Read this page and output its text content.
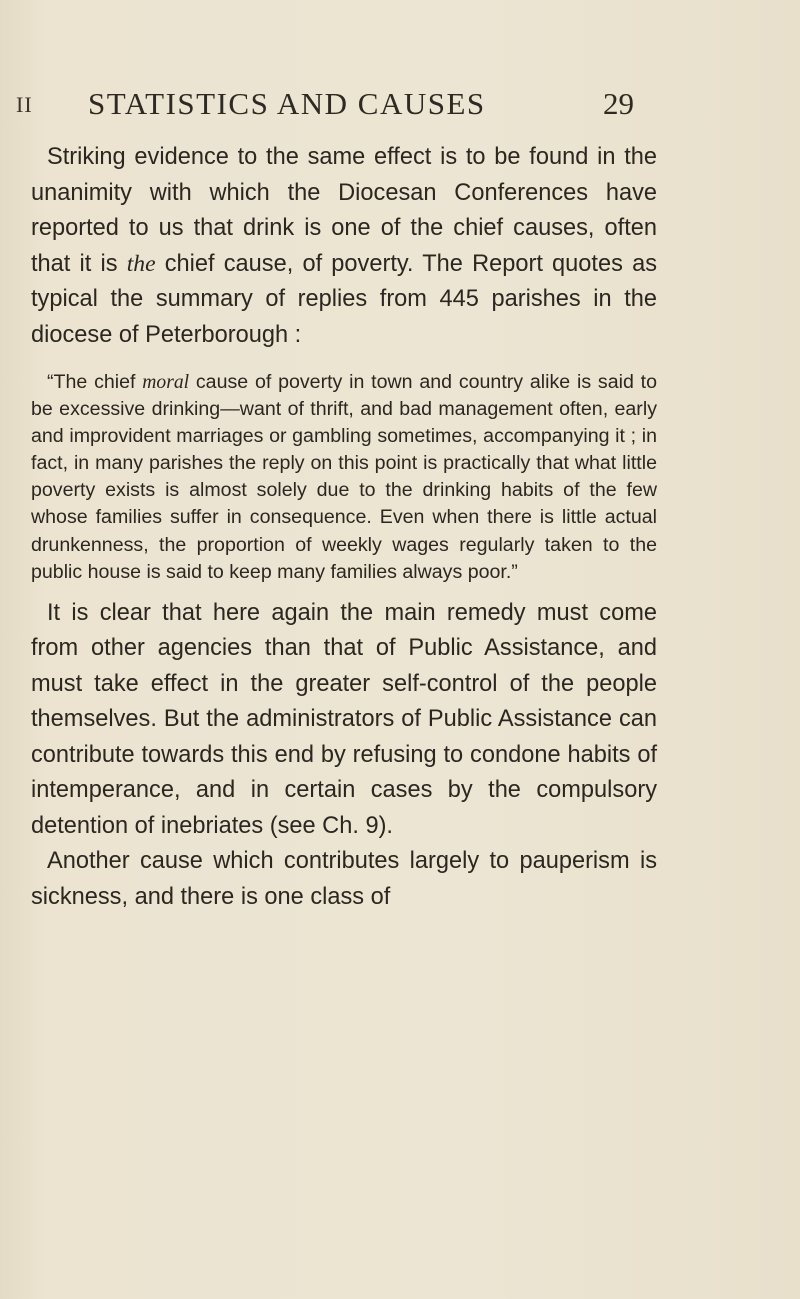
II STATISTICS AND CAUSES	29

Striking evidence to the same effect is to be found in the unanimity with which the Diocesan Conferences have reported to us that drink is one of the chief causes, often that it is the chief cause, of poverty. The Report quotes as typical the summary of replies from 445 parishes in the diocese of Peterborough :

“The chief moral cause of poverty in town and country alike is said to be excessive drinking—want of thrift, and bad management often, early and improvident marriages or gambling sometimes, accompanying it ; in fact, in many parishes the reply on this point is practically that what little poverty exists is almost solely due to the drinking habits of the few whose families suffer in consequence. Even when there is little actual drunkenness, the proportion of weekly wages regularly taken to the public house is said to keep many families always poor.”

It is clear that here again the main remedy must come from other agencies than that of Public Assistance, and must take effect in the greater self-control of the people themselves. But the administrators of Public Assistance can contribute towards this end by refusing to condone habits of intemperance, and in certain cases by the compulsory detention of inebriates (see Ch. 9).

Another cause which contributes largely to pauperism is sickness, and there is one class of
